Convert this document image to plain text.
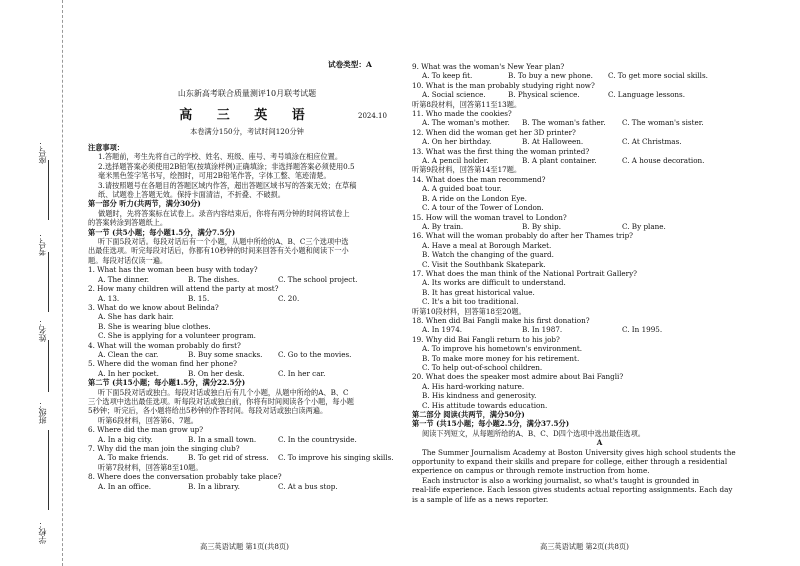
座号：
考号：
姓名：
班级：
学校：
试卷类型：A
山东新高考联合质量测评10月联考试题
高 三 英 语	2024.10
本卷满分150分，考试时间120分钟
注意事项：
1.答题前，考生先将自己的学校、姓名、班级、座号、考号填涂在相应位置。
2.选择题答案必须使用2B铅笔(按填涂样例)正确填涂；非选择题答案必须使用0.5
毫米黑色签字笔书写，绘图时，可用2B铅笔作答，字体工整、笔迹清楚。
3.请按照题号在各题目的答题区域内作答，超出答题区域书写的答案无效；在草稿
纸、试题卷上答题无效。保持卡面清洁，不折叠、不破损。
第一部分 听力(共两节，满分30分)
做题时，先将答案标在试卷上。录音内容结束后，你将有两分钟的时间将试卷上
的答案转涂到答题纸上。
第一节 (共5小题；每小题1.5分，满分7.5分)
听下面5段对话。每段对话后有一个小题，从题中所给的A、B、C三个选项中选
出最佳选项。听完每段对话后，你都有10秒钟的时间来回答有关小题和阅读下一小
题。每段对话仅读一遍。
1. What has the woman been busy with today?
A. The dinner.	B. The dishes.	C. The school project.
2. How many children will attend the party at most?
A. 13.	B. 15.	C. 20.
3. What do we know about Belinda?
A. She has dark hair.
B. She is wearing blue clothes.
C. She is applying for a volunteer program.
4. What will the woman probably do first?
A. Clean the car.	B. Buy some snacks.	C. Go to the movies.
5. Where did the woman find her phone?
A. In her pocket.	B. On her desk.	C. In her car.
第二节 (共15小题；每小题1.5分，满分22.5分)
听下面5段对话或独白。每段对话或独白后有几个小题，从题中所给的A、B、C
三个选项中选出最佳选项。听每段对话或独白前，你将有时间阅读各个小题，每小题
5秒钟；听完后，各小题将给出5秒钟的作答时间。每段对话或独白读两遍。
听第6段材料，回答第6、7题。
6. Where did the man grow up?
A. In a big city.	B. In a small town.	C. In the countryside.
7. Why did the man join the singing club?
A. To make friends.	B. To get rid of stress.	C. To improve his singing skills.
听第7段材料，回答第8至10题。
8. Where does the conversation probably take place?
A. In an office.	B. In a library.	C. At a bus stop.
9. What was the woman's New Year plan?
A. To keep fit.	B. To buy a new phone.	C. To get more social skills.
10. What is the man probably studying right now?
A. Social science.	B. Physical science.	C. Language lessons.
听第8段材料，回答第11至13题。
11. Who made the cookies?
A. The woman's mother.	B. The woman's father.	C. The woman's sister.
12. When did the woman get her 3D printer?
A. On her birthday.	B. At Halloween.	C. At Christmas.
13. What was the first thing the woman printed?
A. A pencil holder.	B. A plant container.	C. A house decoration.
听第9段材料，回答第14至17题。
14. What does the man recommend?
A. A guided boat tour.
B. A ride on the London Eye.
C. A tour of the Tower of London.
15. How will the woman travel to London?
A. By train.	B. By ship.	C. By plane.
16. What will the woman probably do after her Thames trip?
A. Have a meal at Borough Market.
B. Watch the changing of the guard.
C. Visit the Southbank Skatepark.
17. What does the man think of the National Portrait Gallery?
A. Its works are difficult to understand.
B. It has great historical value.
C. It's a bit too traditional.
听第10段材料，回答第18至20题。
18. When did Bai Fangli make his first donation?
A. In 1974.	B. In 1987.	C. In 1995.
19. Why did Bai Fangli return to his job?
A. To improve his hometown's environment.
B. To make more money for his retirement.
C. To help out-of-school children.
20. What does the speaker most admire about Bai Fangli?
A. His hard-working nature.
B. His kindness and generosity.
C. His attitude towards education.
第二部分 阅读(共两节，满分50分)
第一节 (共15小题；每小题2.5分，满分37.5分)
阅读下列短文，从每题所给的A、B、C、D四个选项中选出最佳选项。
A
The Summer Journalism Academy at Boston University gives high school students the
opportunity to expand their skills and prepare for college, either through a residential
experience on campus or through remote instruction from home.
Each instructor is also a working journalist, so what's taught is grounded in
real-life experience. Each lesson gives students actual reporting assignments. Each day
is a sample of life as a news reporter.
高三英语试题 第1页(共8页)	高三英语试题 第2页(共8页)
